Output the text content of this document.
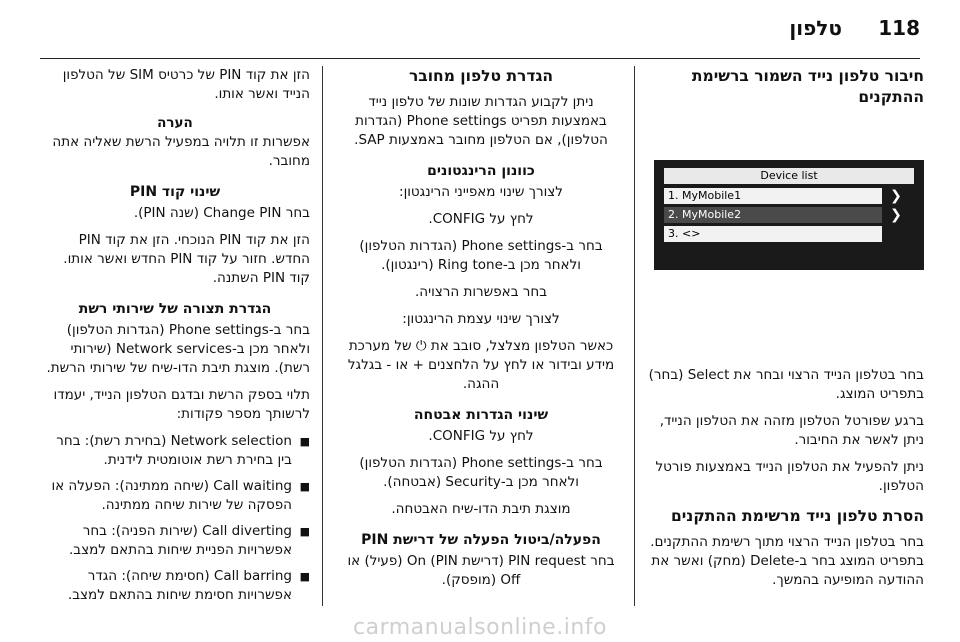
טלפון 118
חיבור טלפון נייד השמור ברשימת ההתקנים
Device list
1. MyMobile1	❯
2. MyMobile2	❯
3. <>

בחר בטלפון הנייד הרצוי ובחר את Select (בחר) בתפריט המוצג.

ברגע שפורטל הטלפון מזהה את הטלפון הנייד, ניתן לאשר את החיבור.

ניתן להפעיל את הטלפון הנייד באמצעות פורטל הטלפון.

הסרת טלפון נייד מרשימת ההתקנים

בחר בטלפון הנייד הרצוי מתוך רשימת ההתקנים. בתפריט המוצג בחר ב-Delete (מחק) ואשר את ההודעה המופיעה בהמשך.

הגדרת טלפון מחובר

ניתן לקבוע הגדרות שונות של טלפון נייד באמצעות תפריט Phone settings (הגדרות הטלפון), אם הטלפון מחובר באמצעות SAP.

כוונון הרינגטונים

לצורך שינוי מאפייני הרינגטון:

לחץ על CONFIG.

בחר ב-Phone settings (הגדרות הטלפון) ולאחר מכן ב-Ring tone (רינגטון).

בחר באפשרות הרצויה.

לצורך שינוי עצמת הרינגטון:

כאשר הטלפון מצלצל, סובב את ⏻ של מערכת מידע ובידור או לחץ על הלחצנים + או - בגלגל ההגה.

שינוי הגדרות אבטחה

לחץ על CONFIG.

בחר ב-Phone settings (הגדרות הטלפון) ולאחר מכן ב-Security (אבטחה).

מוצגת תיבת הדו-שיח האבטחה.

הפעלה/ביטול הפעלה של דרישת PIN

בחר PIN request (דרישת PIN) On (פעיל) או Off (מופסק).

הזן את קוד PIN של כרטיס SIM של הטלפון הנייד ואשר אותו.

הערה

אפשרות זו תלויה במפעיל הרשת שאליה אתה מחובר.

שינוי קוד PIN

בחר Change PIN (שנה PIN).

הזן את קוד PIN הנוכחי. הזן את קוד PIN החדש. חזור על קוד PIN החדש ואשר אותו. קוד PIN השתנה.

הגדרת תצורה של שירותי רשת

בחר ב-Phone settings (הגדרות הטלפון) ולאחר מכן ב-Network services (שירותי רשת). מוצגת תיבת הדו-שיח של שירותי הרשת.

תלוי בספק הרשת ובדגם הטלפון הנייד, יעמדו לרשותך מספר פקודות:

■ Network selection (בחירת רשת): בחר בין בחירת רשת אוטומטית לידנית.
■ Call waiting (שיחה ממתינה): הפעלה או הפסקה של שירות שיחה ממתינה.
■ Call diverting (שירות הפניה): בחר אפשרויות הפניית שיחות בהתאם למצב.
■ Call barring (חסימת שיחה): הגדר אפשרויות חסימת שיחות בהתאם למצב.
carmanualsonline.info
